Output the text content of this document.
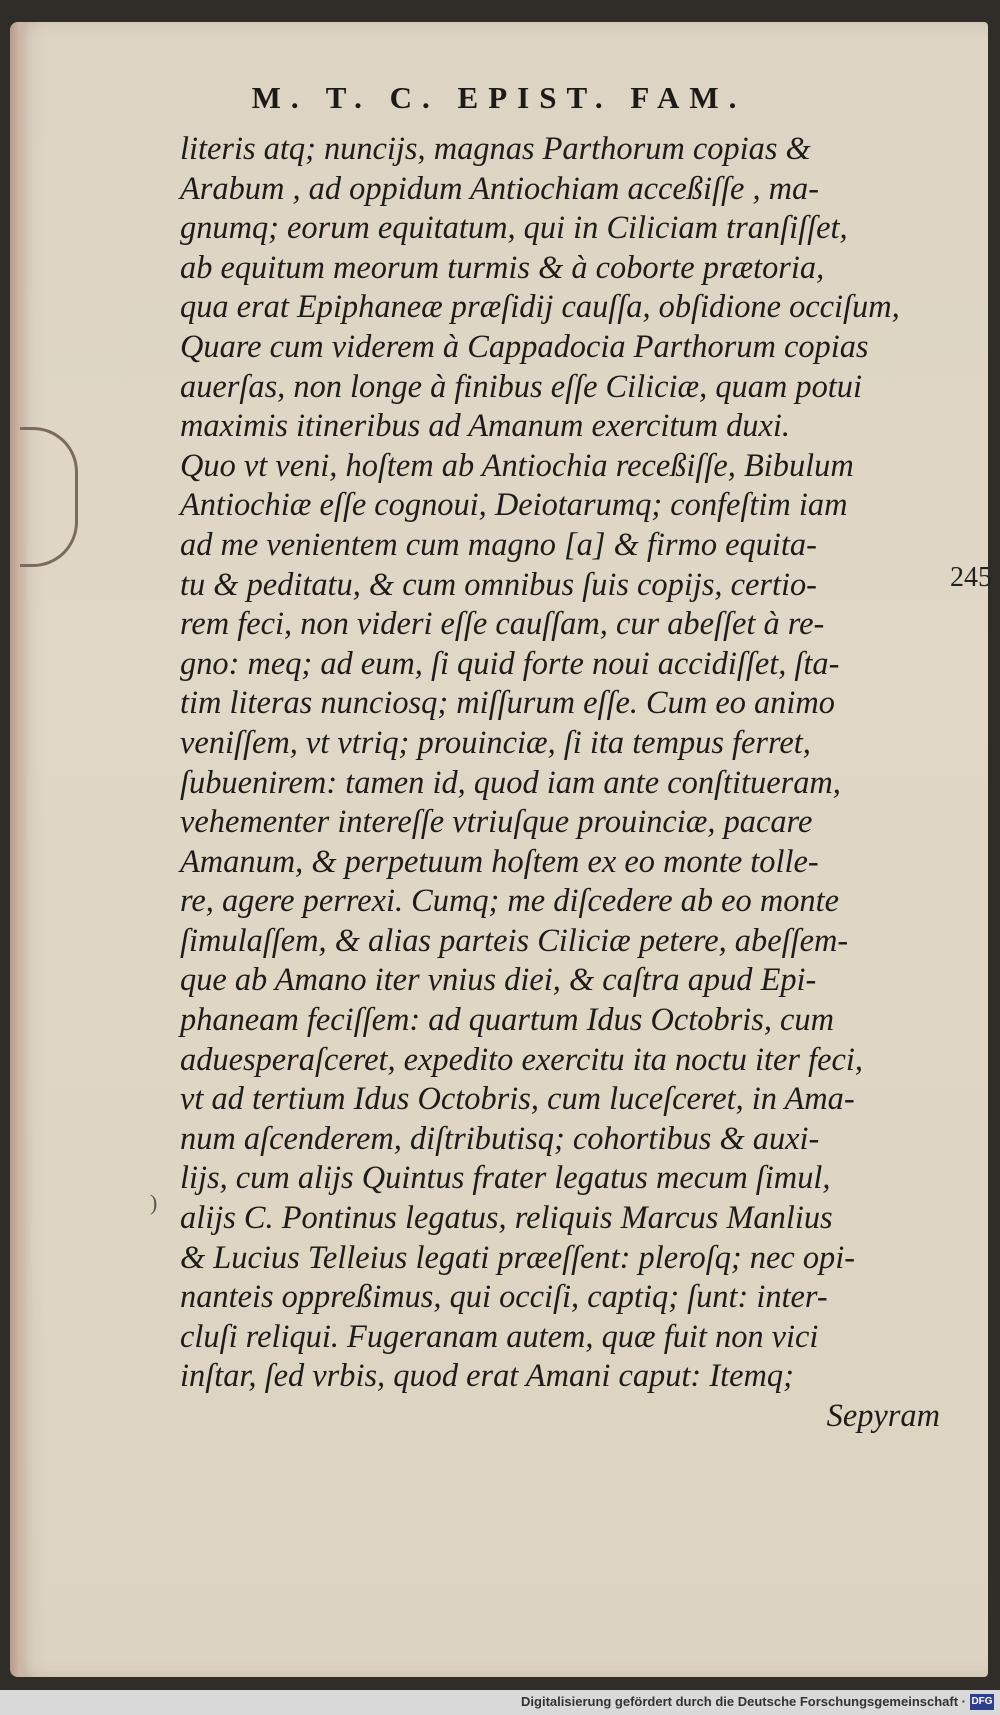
M. T. C. EPIST. FAM.
literis atq; nuncijs, magnas Parthorum copias &
Arabum , ad oppidum Antiochiam acceßiſſe , ma-
gnumq; eorum equitatum, qui in Ciliciam tranſiſſet,
ab equitum meorum turmis & à coborte prætoria,
qua erat Epiphaneæ præſidij cauſſa, obſidione occiſum,
Quare cum viderem à Cappadocia Parthorum copias
auerſas, non longe à finibus eſſe Ciliciæ, quam potui
maximis itineribus ad Amanum exercitum duxi.
Quo vt veni, hoſtem ab Antiochia receßiſſe, Bibulum
Antiochiæ eſſe cognoui, Deiotarumq; confeſtim iam
ad me venientem cum magno [a] & firmo equita-
tu & peditatu, & cum omnibus ſuis copijs, certio-
rem feci, non videri eſſe cauſſam, cur abeſſet à re-
gno: meq; ad eum, ſi quid forte noui accidiſſet, ſta-
tim literas nunciosq; miſſurum eſſe. Cum eo animo
veniſſem, vt vtriq; prouinciæ, ſi ita tempus ferret,
ſubuenirem: tamen id, quod iam ante conſtitueram,
vehementer intereſſe vtriuſque prouinciæ, pacare
Amanum, & perpetuum hoſtem ex eo monte tolle-
re, agere perrexi. Cumq; me diſcedere ab eo monte
ſimulaſſem, & alias parteis Ciliciæ petere, abeſſem-
que ab Amano iter vnius diei, & caſtra apud Epi-
phaneam feciſſem: ad quartum Idus Octobris, cum
aduesperaſceret, expedito exercitu ita noctu iter feci,
vt ad tertium Idus Octobris, cum luceſceret, in Ama-
num aſcenderem, diſtributisq; cohortibus & auxi-
lijs, cum alijs Quintus frater legatus mecum ſimul,
alijs C. Pontinus legatus, reliquis Marcus Manlius
& Lucius Telleius legati præeſſent: pleroſq; nec opi-
nanteis oppreßimus, qui occiſi, captiq; ſunt: inter-
cluſi reliqui. Fugeranam autem, quæ fuit non vici
inſtar, ſed vrbis, quod erat Amani caput: Itemq;
Sepyram
245
)
Digitalisierung gefördert durch die Deutsche Forschungsgemeinschaft · DFG
